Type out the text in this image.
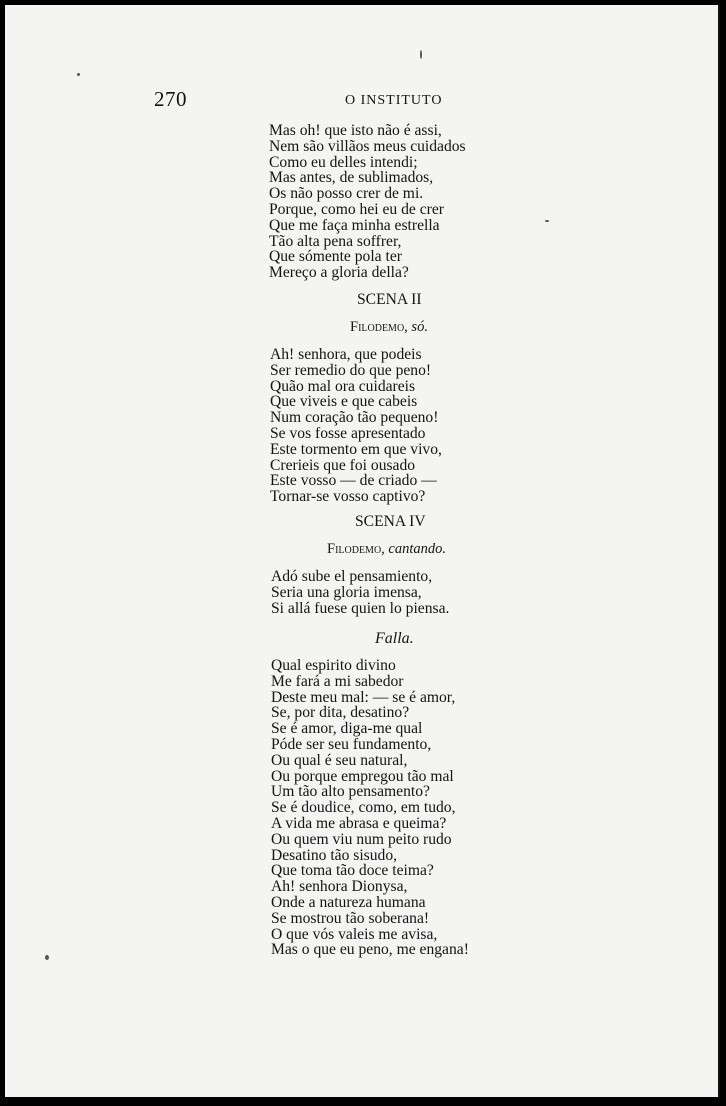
270	O INSTITUTO
Mas oh! que isto não é assi,
Nem são villãos meus cuidados
Como eu delles intendi;
Mas antes, de sublimados,
Os não posso crer de mi.
Porque, como hei eu de crer
Que me faça minha estrella
Tão alta pena soffrer,
Que sómente pola ter
Mereço a gloria della?
SCENA II
Filodemo, só.
Ah! senhora, que podeis
Ser remedio do que peno!
Quão mal ora cuidareis
Que viveis e que cabeis
Num coração tão pequeno!
Se vos fosse apresentado
Este tormento em que vivo,
Crerieis que foi ousado
Este vosso — de criado —
Tornar-se vosso captivo?
SCENA IV
Filodemo, cantando.
Adó sube el pensamiento,
Seria una gloria imensa,
Si allá fuese quien lo piensa.
Falla.
Qual espirito divino
Me fará a mi sabedor
Deste meu mal: — se é amor,
Se, por dita, desatino?
Se é amor, diga-me qual
Póde ser seu fundamento,
Ou qual é seu natural,
Ou porque empregou tão mal
Um tão alto pensamento?
Se é doudice, como, em tudo,
A vida me abrasa e queima?
Ou quem viu num peito rudo
Desatino tão sisudo,
Que toma tão doce teima?
Ah! senhora Dionysa,
Onde a natureza humana
Se mostrou tão soberana!
O que vós valeis me avisa,
Mas o que eu peno, me engana!
